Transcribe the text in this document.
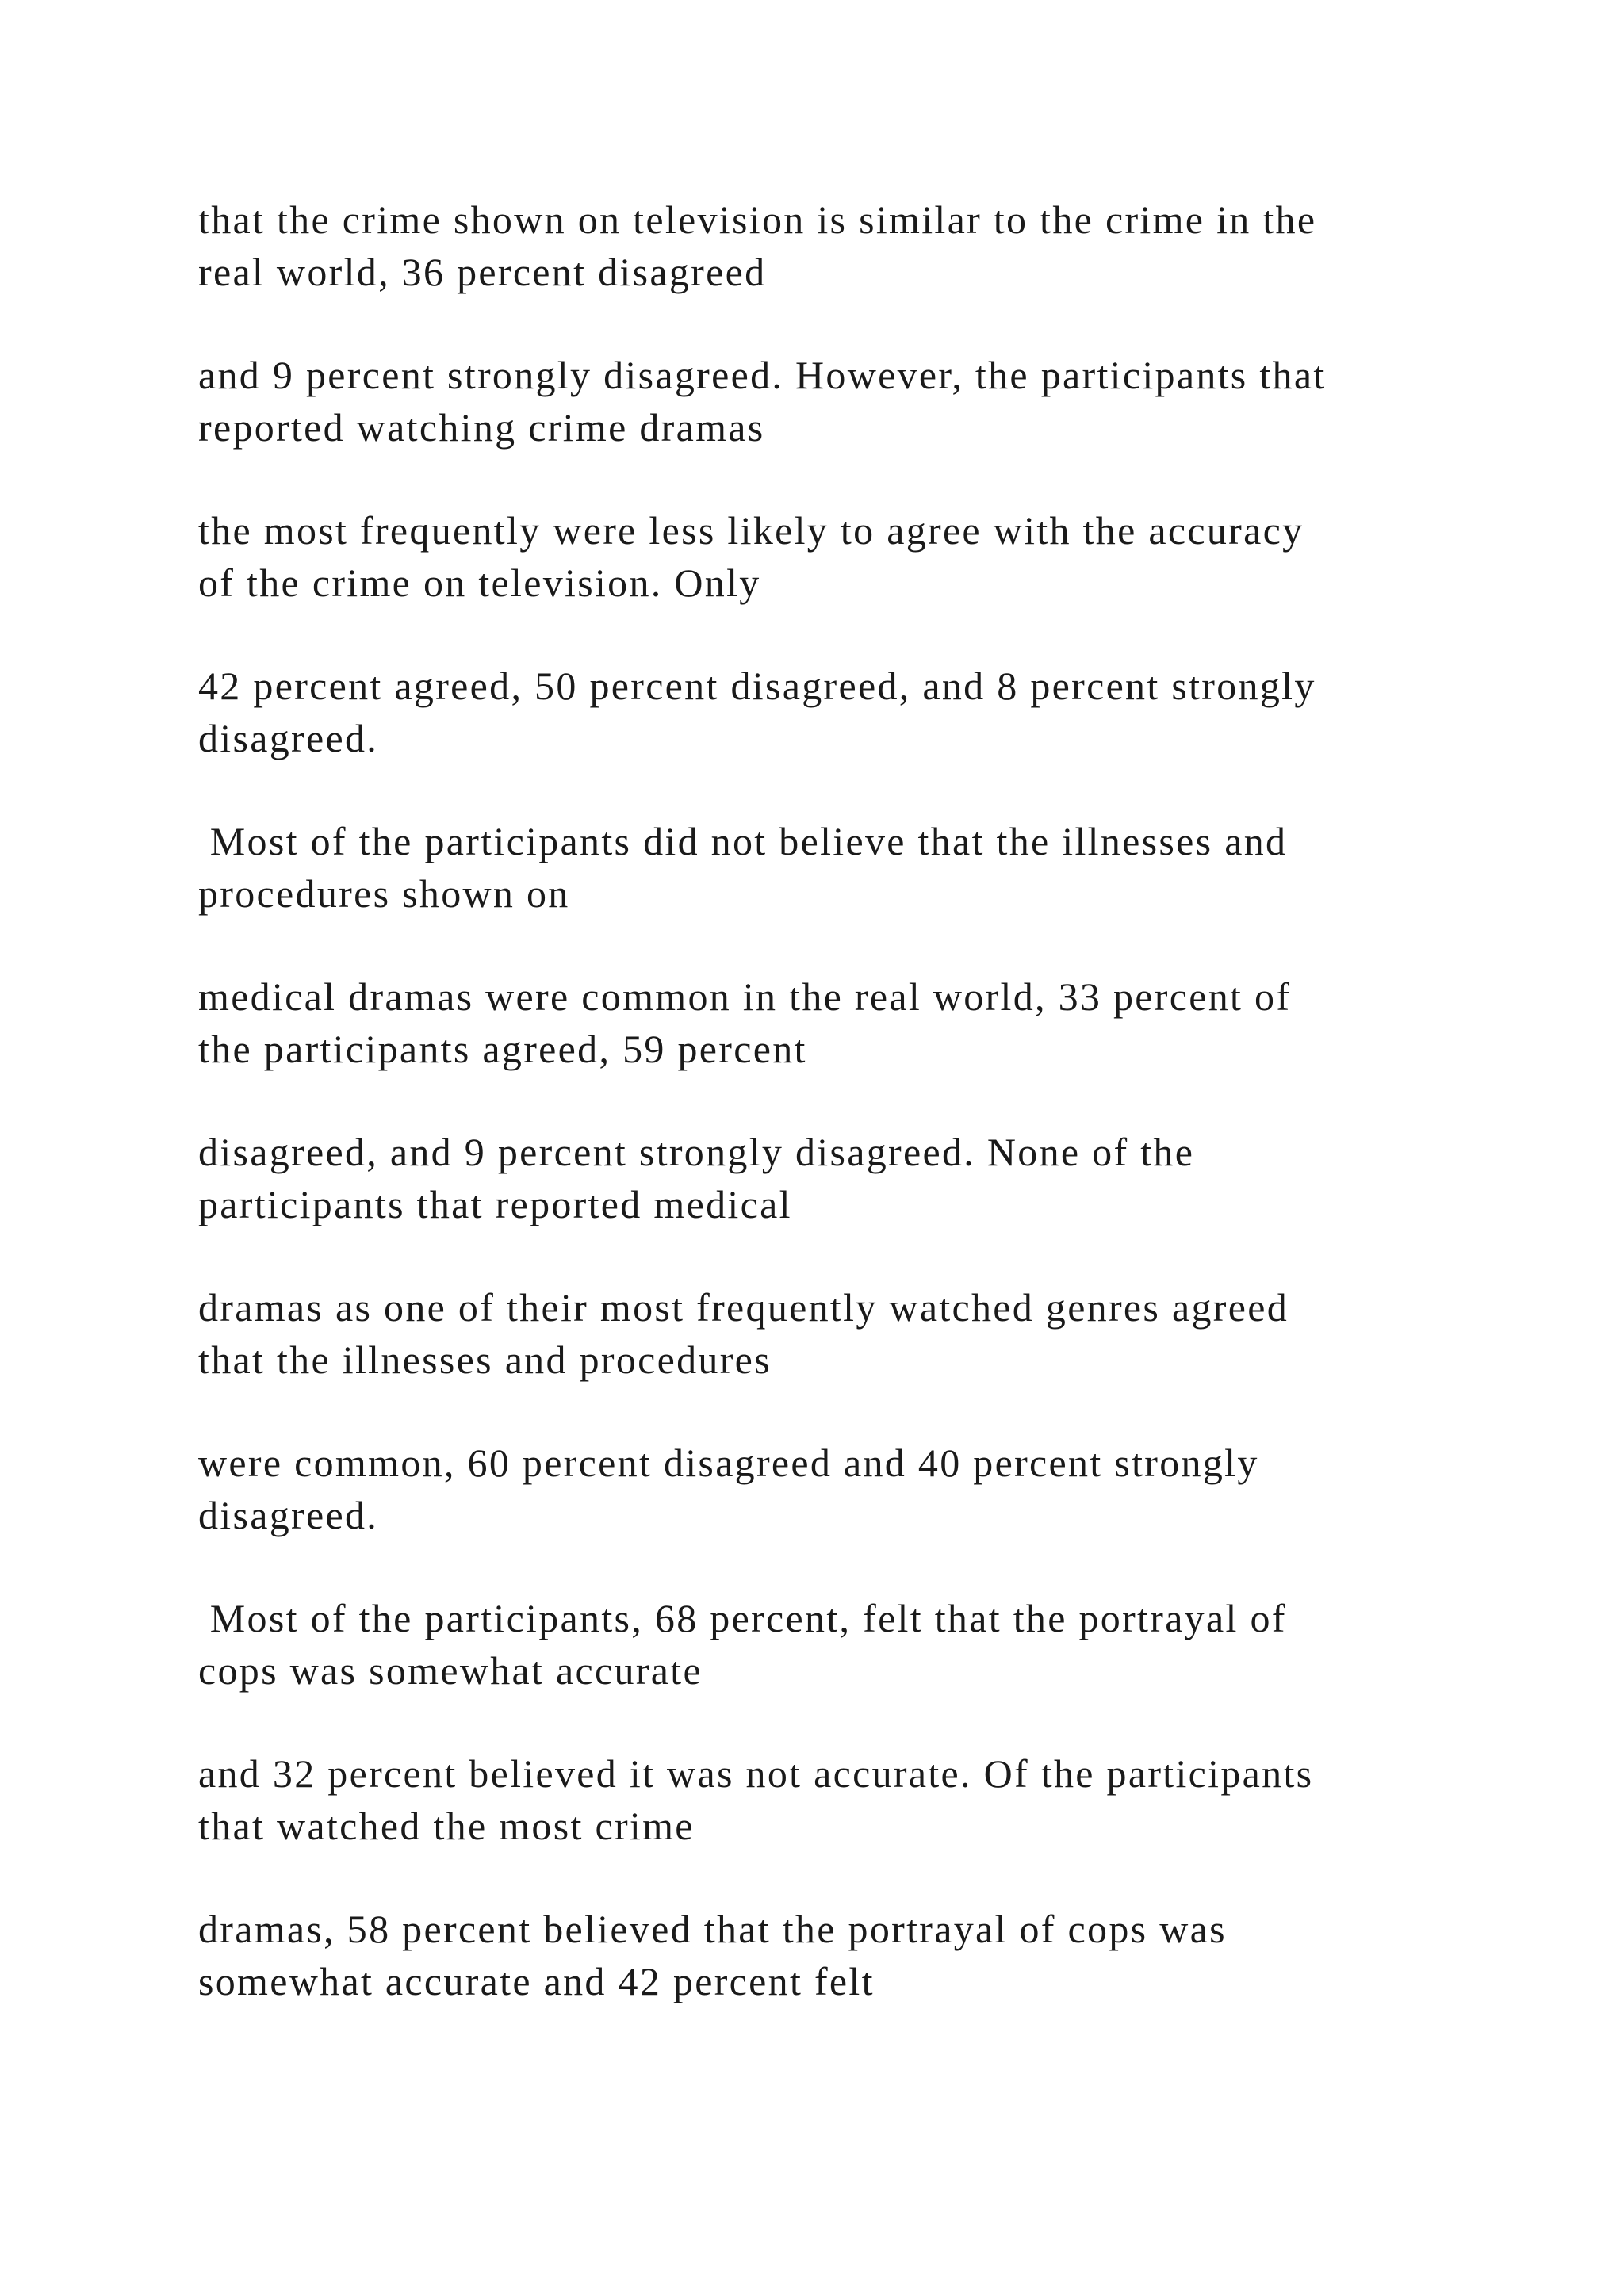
that the crime shown on television is similar to the crime in the
real world, 36 percent disagreed

and 9 percent strongly disagreed. However, the participants that
reported watching crime dramas

the most frequently were less likely to agree with the accuracy
of the crime on television. Only

42 percent agreed, 50 percent disagreed, and 8 percent strongly
disagreed.

Most of the participants did not believe that the illnesses and
procedures shown on

medical dramas were common in the real world, 33 percent of
the participants agreed, 59 percent

disagreed, and 9 percent strongly disagreed. None of the
participants that reported medical

dramas as one of their most frequently watched genres agreed
that the illnesses and procedures

were common, 60 percent disagreed and 40 percent strongly
disagreed.

Most of the participants, 68 percent, felt that the portrayal of
cops was somewhat accurate

and 32 percent believed it was not accurate. Of the participants
that watched the most crime

dramas, 58 percent believed that the portrayal of cops was
somewhat accurate and 42 percent felt
